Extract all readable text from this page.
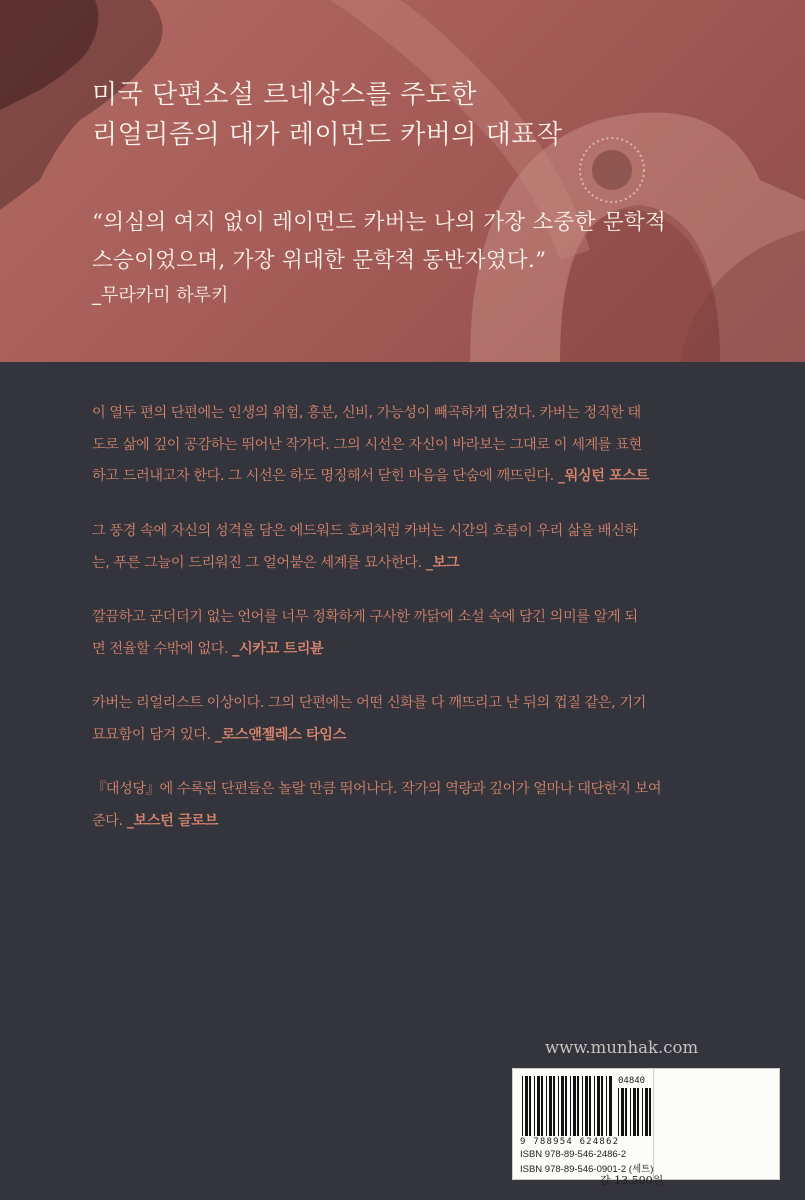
미국 단편소설 르네상스를 주도한
리얼리즘의 대가 레이먼드 카버의 대표작
“의심의 여지 없이 레이먼드 카버는 나의 가장 소중한 문학적
스승이었으며, 가장 위대한 문학적 동반자였다.”
_무라카미 하루키

이 열두 편의 단편에는 인생의 위험, 흥분, 신비, 가능성이 빼곡하게 담겼다. 카버는 정직한 태

도로 삶에 깊이 공감하는 뛰어난 작가다. 그의 시선은 자신이 바라보는 그대로 이 세계를 표현

하고 드러내고자 한다. 그 시선은 하도 명징해서 닫힌 마음을 단숨에 깨뜨린다. _워싱턴 포스트

그 풍경 속에 자신의 성격을 담은 에드워드 호퍼처럼 카버는 시간의 흐름이 우리 삶을 배신하

는, 푸른 그늘이 드리워진 그 얼어붙은 세계를 묘사한다. _보그

깔끔하고 군더더기 없는 언어를 너무 정확하게 구사한 까닭에 소설 속에 담긴 의미를 알게 되

면 전율할 수밖에 없다. _시카고 트리뷴

카버는 리얼리스트 이상이다. 그의 단편에는 어떤 신화를 다 깨뜨리고 난 뒤의 껍질 같은, 기기

묘묘함이 담겨 있다. _로스앤젤레스 타임스

『대성당』에 수록된 단편들은 놀랄 만큼 뛰어나다. 작가의 역량과 깊이가 얼마나 대단한지 보여

준다. _보스턴 글로브

www.munhak.com
04840
9 788954 624862
ISBN 978-89-546-2486-2
ISBN 978-89-546-0901-2 (세트)
값 13,500원
